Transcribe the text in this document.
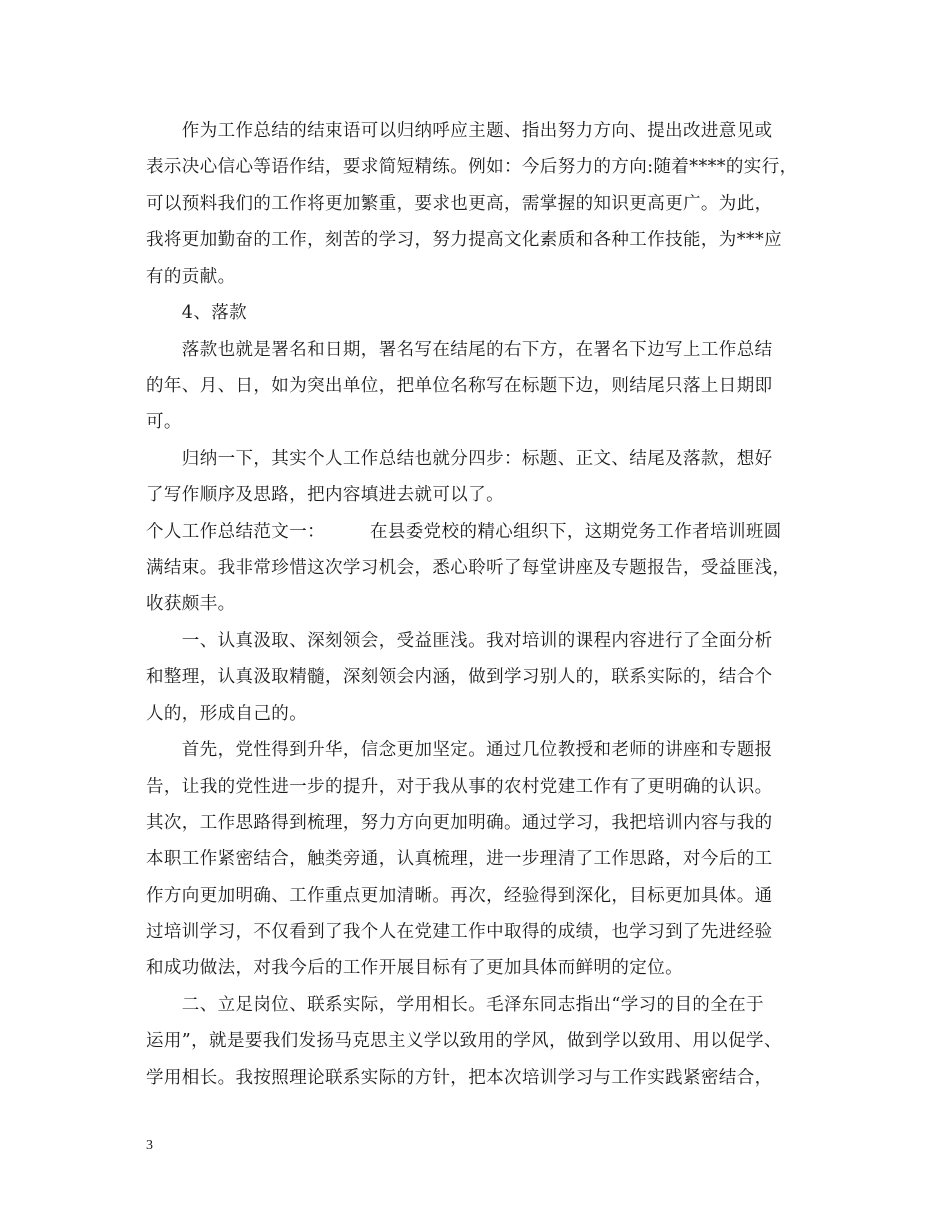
　　作为工作总结的结束语可以归纳呼应主题、指出努力方向、提出改进意见或
表示决心信心等语作结，要求简短精练。例如：今后努力的方向:随着****的实行，
可以预料我们的工作将更加繁重，要求也更高，需掌握的知识更高更广。为此，
我将更加勤奋的工作，刻苦的学习，努力提高文化素质和各种工作技能，为***应
有的贡献。
　　4、落款
　　落款也就是署名和日期，署名写在结尾的右下方，在署名下边写上工作总结
的年、月、日，如为突出单位，把单位名称写在标题下边，则结尾只落上日期即
可。
　　归纳一下，其实个人工作总结也就分四步：标题、正文、结尾及落款，想好
了写作顺序及思路，把内容填进去就可以了。
个人工作总结范文一：　　　在县委党校的精心组织下，这期党务工作者培训班圆
满结束。我非常珍惜这次学习机会，悉心聆听了每堂讲座及专题报告，受益匪浅，
收获颇丰。
　　一、认真汲取、深刻领会，受益匪浅。我对培训的课程内容进行了全面分析
和整理，认真汲取精髓，深刻领会内涵，做到学习别人的，联系实际的，结合个
人的，形成自己的。
　　首先，党性得到升华，信念更加坚定。通过几位教授和老师的讲座和专题报
告，让我的党性进一步的提升，对于我从事的农村党建工作有了更明确的认识。
其次，工作思路得到梳理，努力方向更加明确。通过学习，我把培训内容与我的
本职工作紧密结合，触类旁通，认真梳理，进一步理清了工作思路，对今后的工
作方向更加明确、工作重点更加清晰。再次，经验得到深化，目标更加具体。通
过培训学习，不仅看到了我个人在党建工作中取得的成绩，也学习到了先进经验
和成功做法，对我今后的工作开展目标有了更加具体而鲜明的定位。
　　二、立足岗位、联系实际，学用相长。毛泽东同志指出“学习的目的全在于
运用”，就是要我们发扬马克思主义学以致用的学风，做到学以致用、用以促学、
学用相长。我按照理论联系实际的方针，把本次培训学习与工作实践紧密结合，
3
